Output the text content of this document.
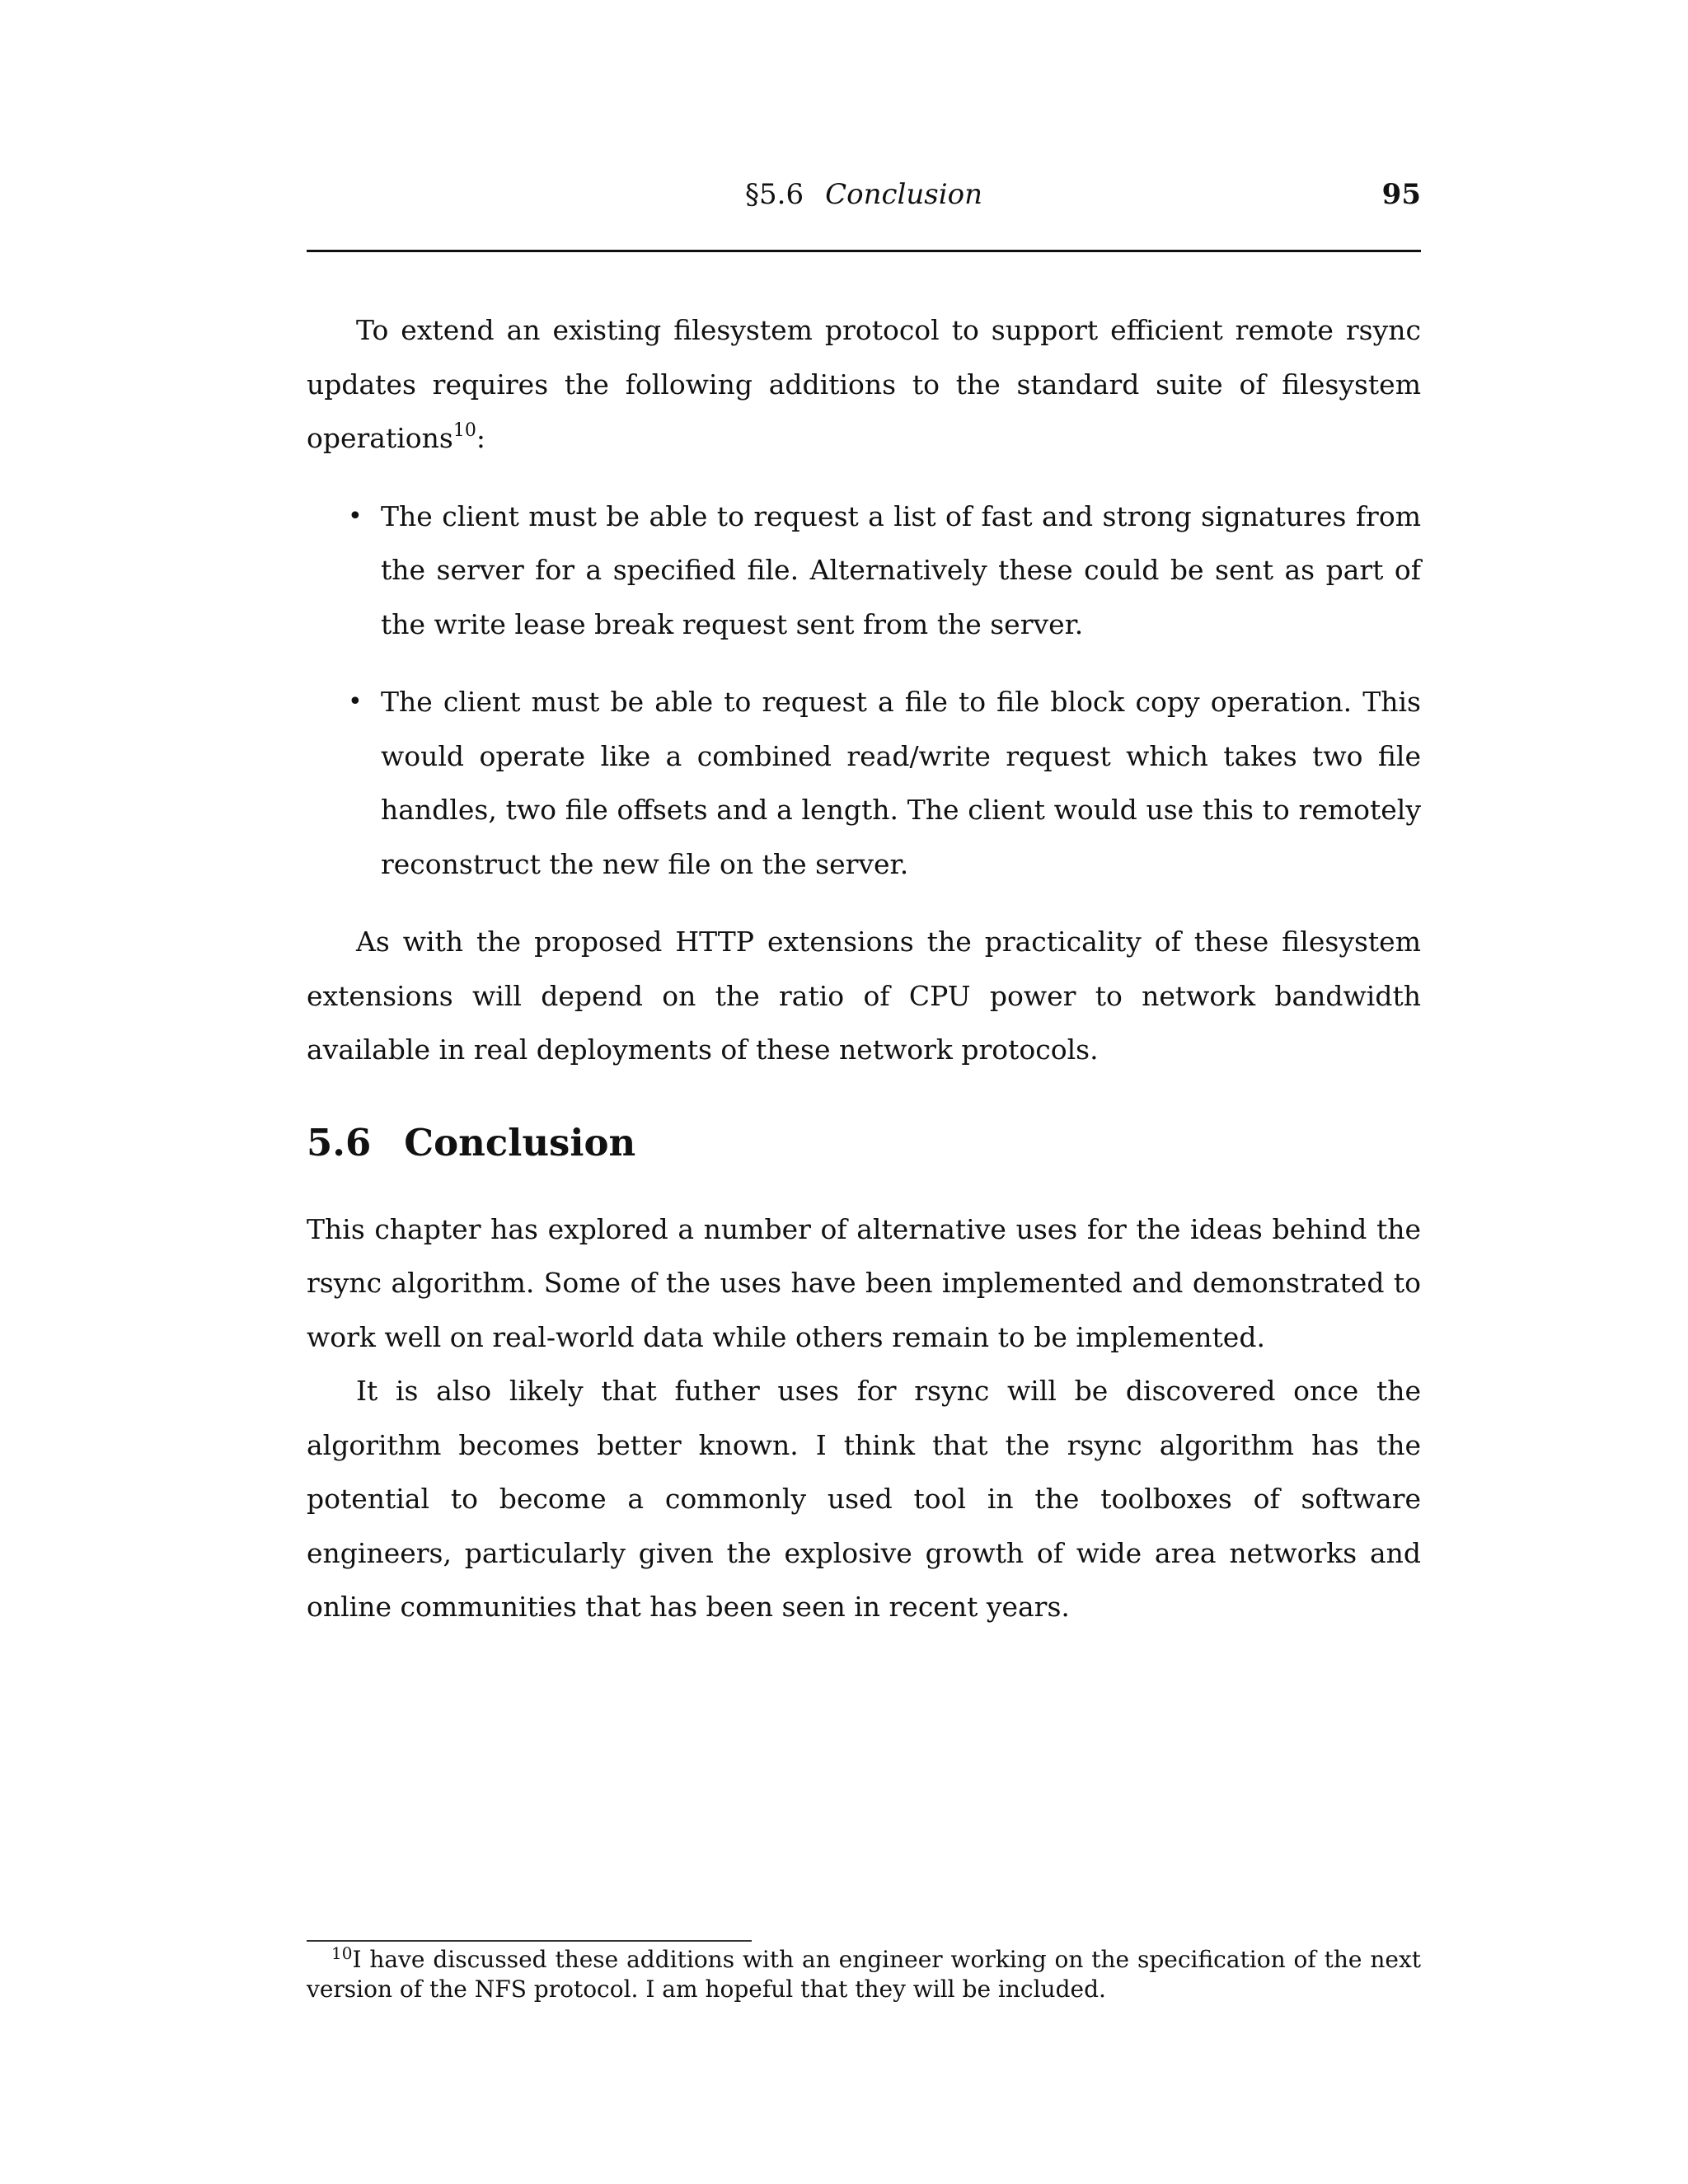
§5.6 Conclusion	95

To extend an existing filesystem protocol to support efficient remote rsync updates requires the following additions to the standard suite of filesystem operations$^{10}$:

• The client must be able to request a list of fast and strong signatures from the server for a specified file. Alternatively these could be sent as part of the write lease break request sent from the server.
• The client must be able to request a file to file block copy operation. This would operate like a combined read/write request which takes two file handles, two file offsets and a length. The client would use this to remotely reconstruct the new file on the server.

As with the proposed HTTP extensions the practicality of these filesystem extensions will depend on the ratio of CPU power to network bandwidth available in real deployments of these network protocols.

5.6 Conclusion

This chapter has explored a number of alternative uses for the ideas behind the rsync algorithm. Some of the uses have been implemented and demonstrated to work well on real-world data while others remain to be implemented.

It is also likely that futher uses for rsync will be discovered once the algorithm becomes better known. I think that the rsync algorithm has the potential to become a commonly used tool in the toolboxes of software engineers, particularly given the explosive growth of wide area networks and online communities that has been seen in recent years.

$^{10}$I have discussed these additions with an engineer working on the specification of the next version of the NFS protocol. I am hopeful that they will be included.
